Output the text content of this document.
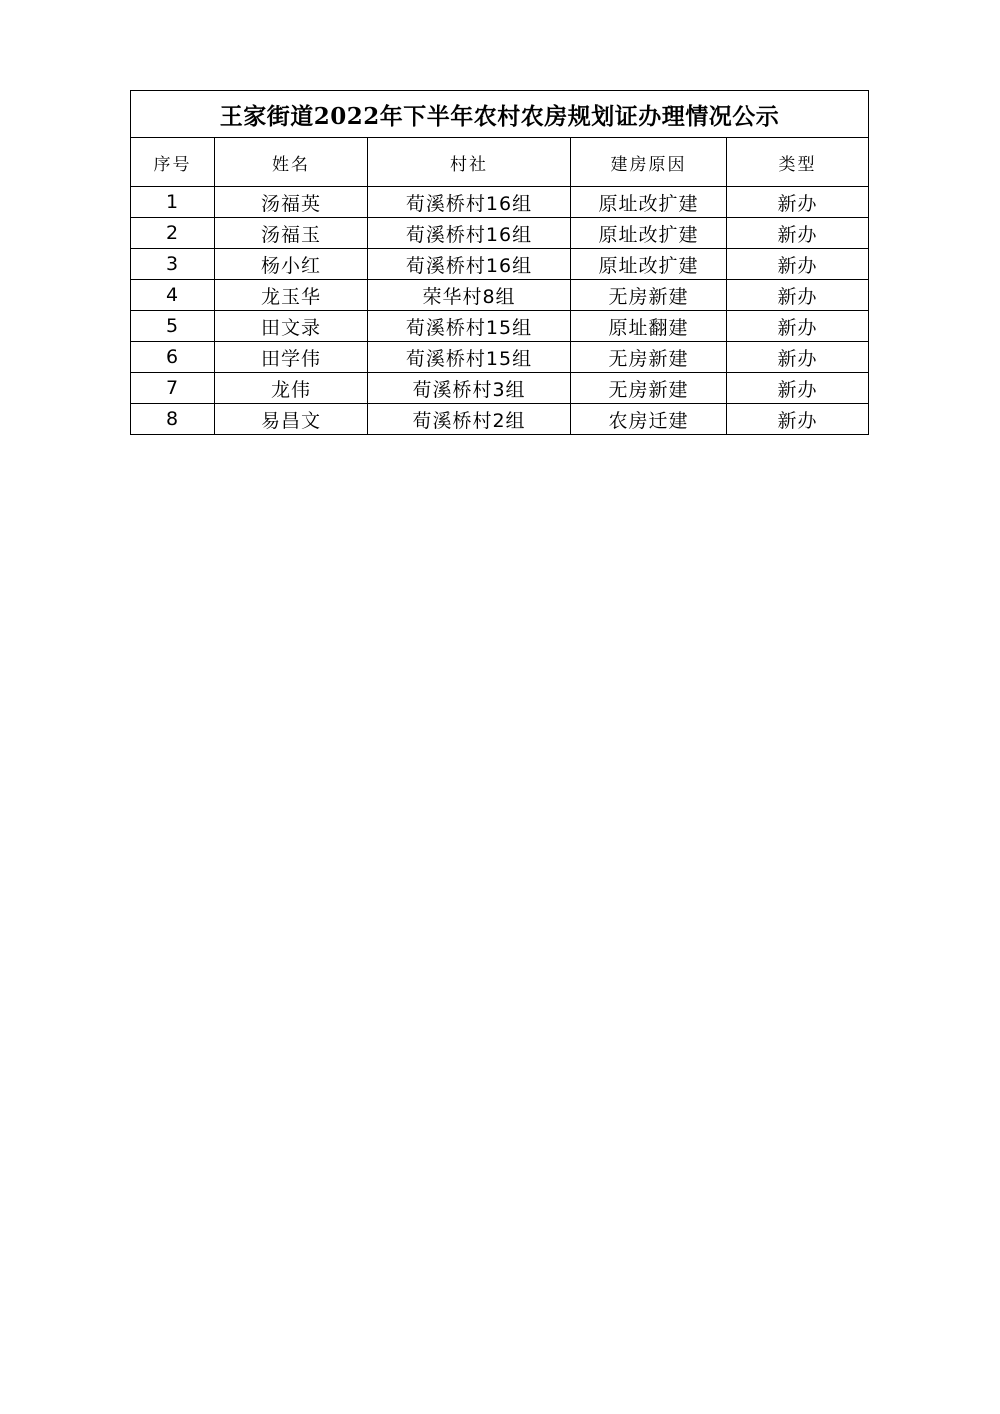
王家街道2022年下半年农村农房规划证办理情况公示				
序号	姓名	村社	建房原因	类型
1	汤福英	荀溪桥村16组	原址改扩建	新办
2	汤福玉	荀溪桥村16组	原址改扩建	新办
3	杨小红	荀溪桥村16组	原址改扩建	新办
4	龙玉华	荣华村8组	无房新建	新办
5	田文录	荀溪桥村15组	原址翻建	新办
6	田学伟	荀溪桥村15组	无房新建	新办
7	龙伟	荀溪桥村3组	无房新建	新办
8	易昌文	荀溪桥村2组	农房迁建	新办
